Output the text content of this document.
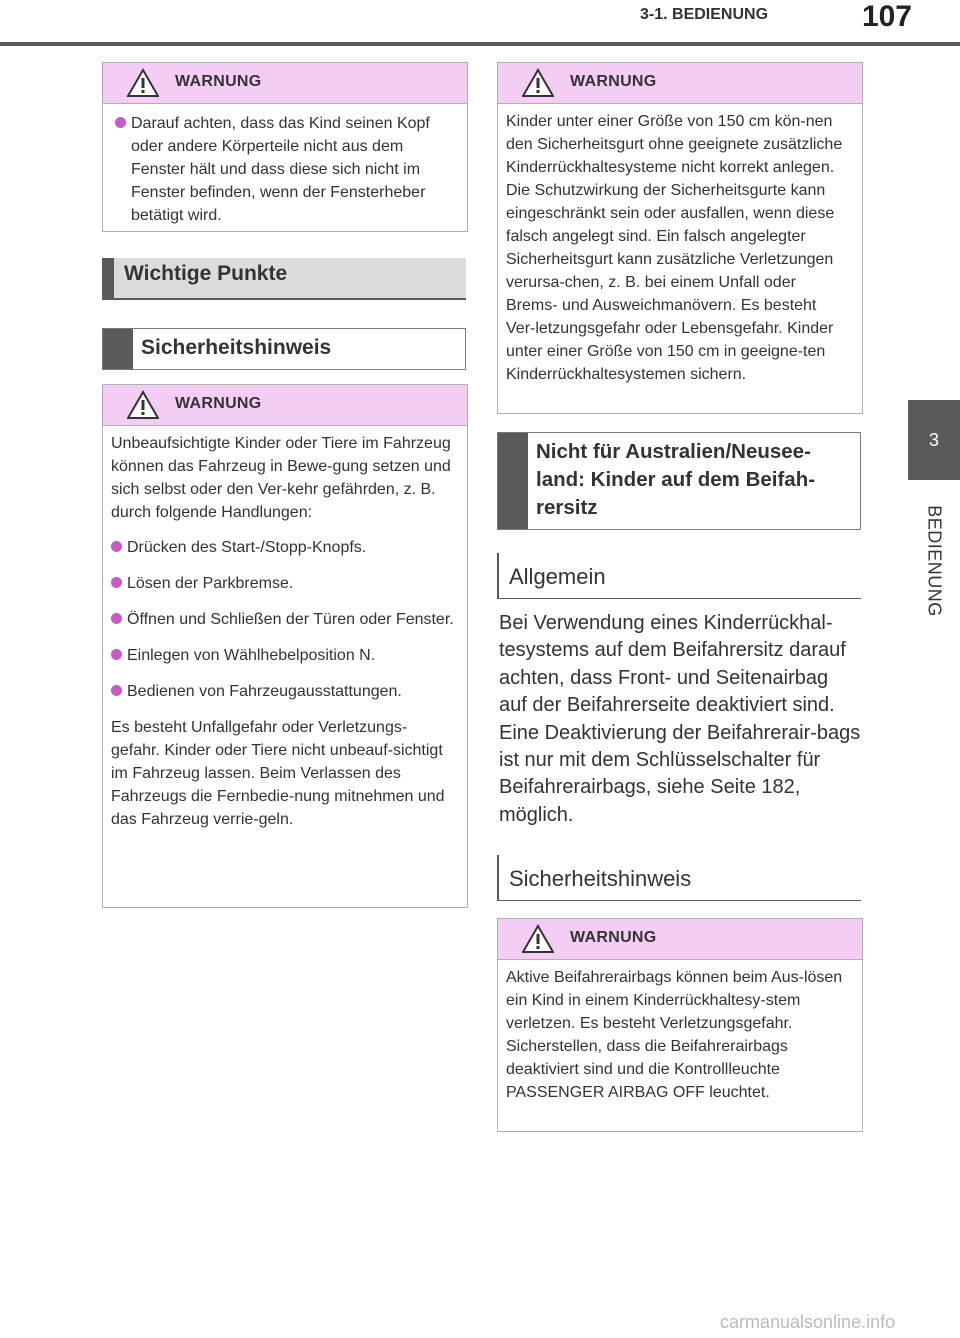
3-1. BEDIENUNG	107
3
BEDIENUNG
WARNUNG
Darauf achten, dass das Kind seinen Kopf oder andere Körperteile nicht aus dem Fenster hält und dass diese sich nicht im Fenster befinden, wenn der Fensterheber betätigt wird.
Wichtige Punkte
Sicherheitshinweis
WARNUNG

Unbeaufsichtigte Kinder oder Tiere im Fahrzeug können das Fahrzeug in Bewe-gung setzen und sich selbst oder den Ver-kehr gefährden, z. B. durch folgende Handlungen:

Drücken des Start-/Stopp-Knopfs.
Lösen der Parkbremse.
Öffnen und Schließen der Türen oder Fenster.
Einlegen von Wählhebelposition N.
Bedienen von Fahrzeugausstattungen.

Es besteht Unfallgefahr oder Verletzungs-gefahr. Kinder oder Tiere nicht unbeauf-sichtigt im Fahrzeug lassen. Beim Verlassen des Fahrzeugs die Fernbedie-nung mitnehmen und das Fahrzeug verrie-geln.

WARNUNG

Kinder unter einer Größe von 150 cm kön-nen den Sicherheitsgurt ohne geeignete zusätzliche Kinderrückhaltesysteme nicht korrekt anlegen. Die Schutzwirkung der Sicherheitsgurte kann eingeschränkt sein oder ausfallen, wenn diese falsch angelegt sind. Ein falsch angelegter Sicherheitsgurt kann zusätzliche Verletzungen verursa-chen, z. B. bei einem Unfall oder Brems- und Ausweichmanövern. Es besteht Ver-letzungsgefahr oder Lebensgefahr. Kinder unter einer Größe von 150 cm in geeigne-ten Kinderrückhaltesystemen sichern.

Nicht für Australien/Neusee-land: Kinder auf dem Beifah-rersitz
Allgemein
Bei Verwendung eines Kinderrückhal-tesystems auf dem Beifahrersitz darauf achten, dass Front- und Seitenairbag auf der Beifahrerseite deaktiviert sind. Eine Deaktivierung der Beifahrerair-bags ist nur mit dem Schlüsselschalter für Beifahrerairbags, siehe Seite 182, möglich.
Sicherheitshinweis
WARNUNG

Aktive Beifahrerairbags können beim Aus-lösen ein Kind in einem Kinderrückhaltesy-stem verletzen. Es besteht Verletzungsgefahr. Sicherstellen, dass die Beifahrerairbags deaktiviert sind und die Kontrollleuchte PASSENGER AIRBAG OFF leuchtet.

carmanualsonline.info
